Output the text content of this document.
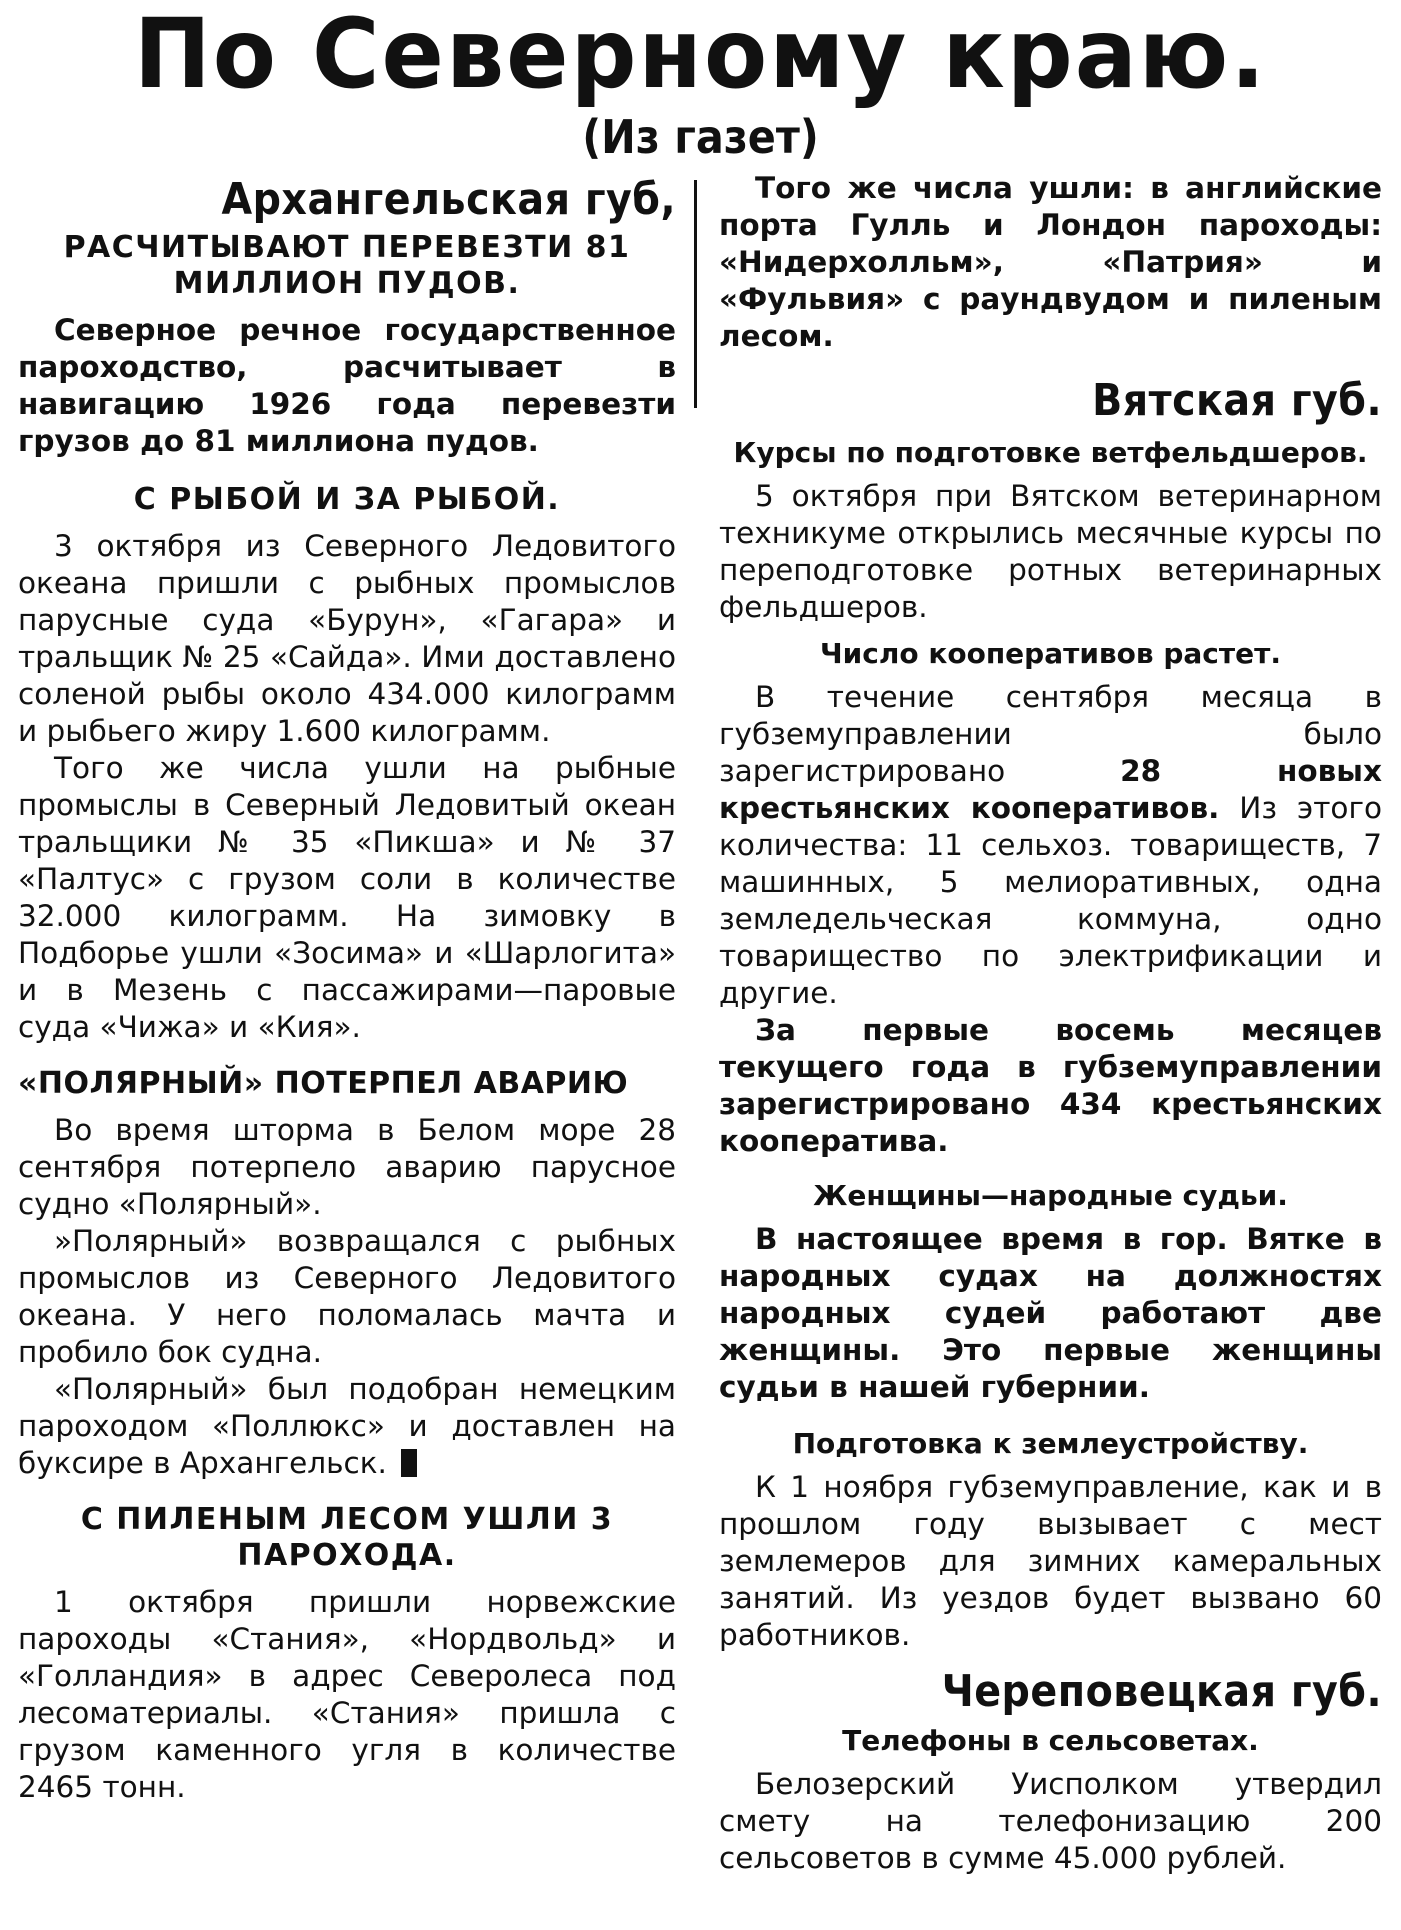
По Северному краю.
(Из газет)
Архангельская губ,
РАСЧИТЫВАЮТ ПЕРЕВЕЗТИ 81 МИЛЛИОН ПУДОВ.

Северное речное государственное пароходство, расчитывает в навигацию 1926 года перевезти грузов до 81 миллиона пудов.

С РЫБОЙ И ЗА РЫБОЙ.

3 октября из Северного Ледовитого океана пришли с рыбных промыслов парусные суда «Бурун», «Гагара» и тральщик № 25 «Сайда». Ими доставлено соленой рыбы около 434.000 килограмм и рыбьего жиру 1.600 килограмм.

Того же числа ушли на рыбные промыслы в Северный Ледовитый океан тральщики № 35 «Пикша» и № 37 «Палтус» с грузом соли в количестве 32.000 килограмм. На зимовку в Подборье ушли «Зосима» и «Шарлогита» и в Мезень с пассажирами—паровые суда «Чижа» и «Кия».

«ПОЛЯРНЫЙ» ПОТЕРПЕЛ АВАРИЮ

Во время шторма в Белом море 28 сентября потерпело аварию парусное судно «Полярный».

»Полярный» возвращался с рыбных промыслов из Северного Ледовитого океана. У него поломалась мачта и пробило бок судна.

«Полярный» был подобран немецким пароходом «Поллюкс» и доставлен на буксире в Архангельск.

С ПИЛЕНЫМ ЛЕСОМ УШЛИ 3 ПАРОХОДА.

1 октября пришли норвежские пароходы «Стания», «Нордвольд» и «Голландия» в адрес Северолеса под лесоматериалы. «Стания» пришла с грузом каменного угля в количестве 2465 тонн.

Того же числа ушли: в английские порта Гулль и Лондон пароходы: «Нидерхолльм», «Патрия» и «Фульвия» с раундвудом и пиленым лесом.

Вятская губ.
Курсы по подготовке ветфельдшеров.

5 октября при Вятском ветеринарном техникуме открылись месячные курсы по переподготовке ротных ветеринарных фельдшеров.

Число кооперативов растет.

В течение сентября месяца в губземуправлении было зарегистрировано 28 новых крестьянских кооперативов. Из этого количества: 11 сельхоз. товариществ, 7 машинных, 5 мелиоративных, одна земледельческая коммуна, одно товарищество по электрификации и другие.

За первые восемь месяцев текущего года в губземуправлении зарегистрировано 434 крестьянских кооператива.

Женщины—народные судьи.

В настоящее время в гор. Вятке в народных судах на должностях народных судей работают две женщины. Это первые женщины судьи в нашей губернии.

Подготовка к землеустройству.

К 1 ноября губземуправление, как и в прошлом году вызывает с мест землемеров для зимних камеральных занятий. Из уездов будет вызвано 60 работников.

Череповецкая губ.
Телефоны в сельсоветах.

Белозерский Уисполком утвердил смету на телефонизацию 200 сельсоветов в сумме 45.000 рублей.
